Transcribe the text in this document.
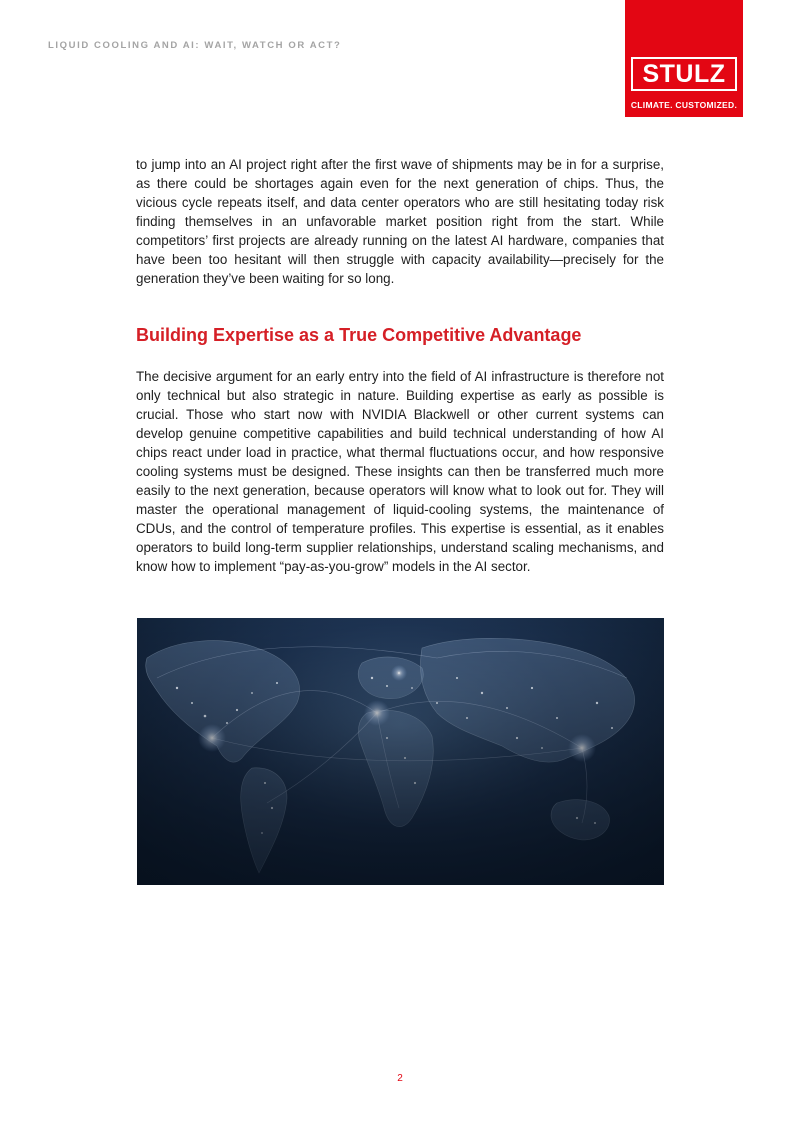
LIQUID COOLING AND AI: WAIT, WATCH OR ACT?
STULZ
CLIMATE. CUSTOMIZED.

to jump into an AI project right after the first wave of shipments may be in for a surprise, as there could be shortages again even for the next generation of chips. Thus, the vicious cycle repeats itself, and data center operators who are still hesitating today risk finding themselves in an unfavorable market position right from the start. While competitors’ first projects are already running on the latest AI hardware, companies that have been too hesitant will then struggle with capacity availability—precisely for the generation they’ve been waiting for so long.

Building Expertise as a True Competitive Advantage

The decisive argument for an early entry into the field of AI infrastructure is therefore not only technical but also strategic in nature. Building expertise as early as possible is crucial. Those who start now with NVIDIA Blackwell or other current systems can develop genuine competitive capabilities and build technical understanding of how AI chips react under load in practice, what thermal fluctuations occur, and how responsive cooling systems must be designed. These insights can then be transferred much more easily to the next generation, because operators will know what to look out for. They will master the operational management of liquid-cooling systems, the maintenance of CDUs, and the control of temperature profiles. This expertise is essential, as it enables operators to build long-term supplier relationships, understand scaling mechanisms, and know how to implement “pay-as-you-grow” models in the AI sector.

2
